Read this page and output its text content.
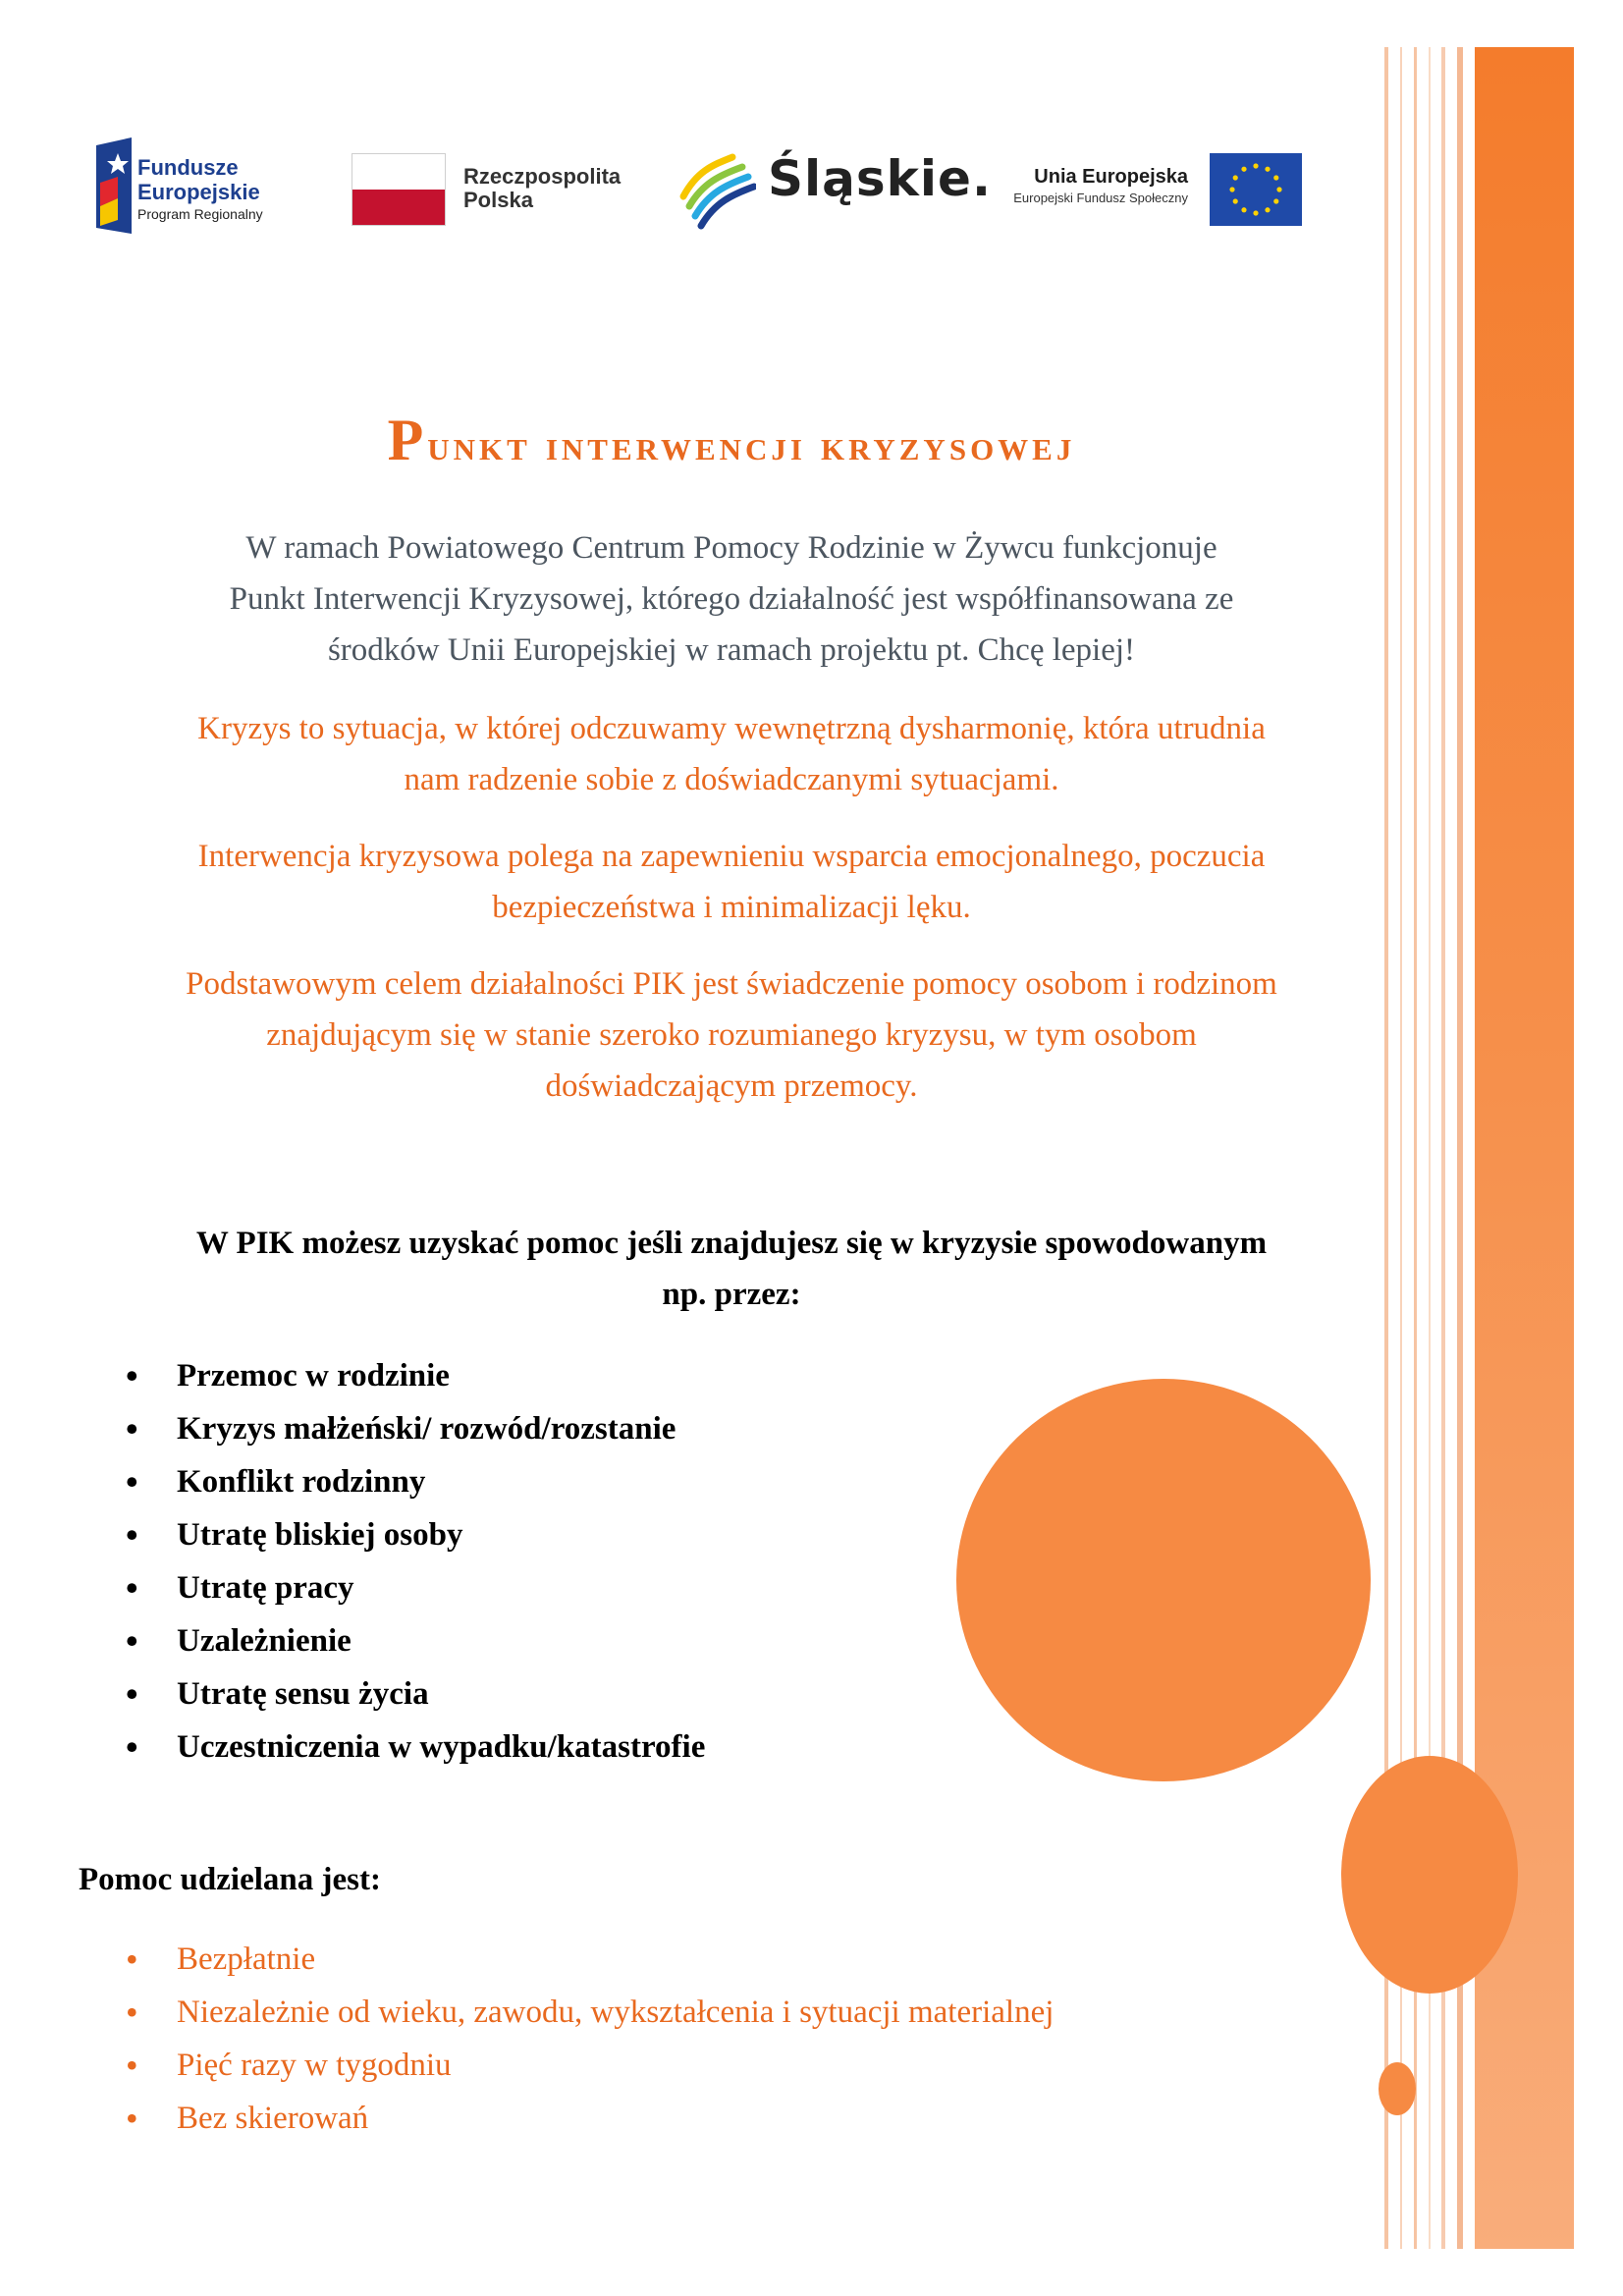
Fundusze
Europejskie
Program Regionalny
Rzeczpospolita
Polska	Śląskie.	Unia Europejska
Europejski Fundusz Społeczny
Punkt interwencji kryzysowej

W ramach Powiatowego Centrum Pomocy Rodzinie w Żywcu funkcjonuje

Punkt Interwencji Kryzysowej, którego działalność jest współfinansowana ze

środków Unii Europejskiej w ramach projektu pt. Chcę lepiej!

Kryzys to sytuacja, w której odczuwamy wewnętrzną dysharmonię, która utrudnia

nam radzenie sobie z doświadczanymi sytuacjami.

Interwencja kryzysowa polega na zapewnieniu wsparcia emocjonalnego, poczucia

bezpieczeństwa i minimalizacji lęku.

Podstawowym celem działalności PIK jest świadczenie pomocy osobom i rodzinom

znajdującym się w stanie szeroko rozumianego kryzysu, w tym osobom

doświadczającym przemocy.

W PIK możesz uzyskać pomoc jeśli znajdujesz się w kryzysie spowodowanym
np. przez:
• Przemoc w rodzinie
• Kryzys małżeński/ rozwód/rozstanie
• Konflikt rodzinny
• Utratę bliskiej osoby
• Utratę pracy
• Uzależnienie
• Utratę sensu życia
• Uczestniczenia w wypadku/katastrofie
Pomoc udzielana jest:
• Bezpłatnie
• Niezależnie od wieku, zawodu, wykształcenia i sytuacji materialnej
• Pięć razy w tygodniu
• Bez skierowań
